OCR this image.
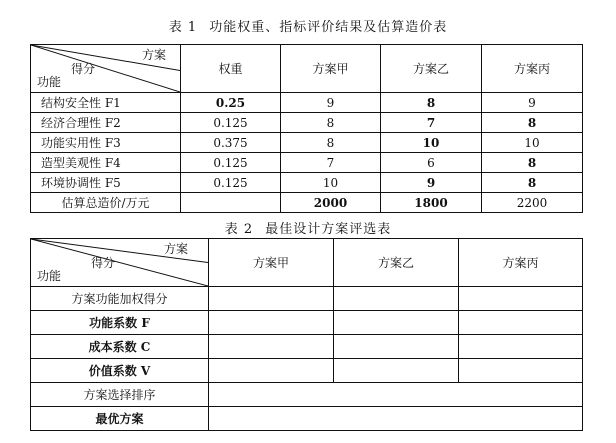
表 1 功能权重、指标评价结果及估算造价表
方案
得分
功能	权重	方案甲	方案乙	方案丙
结构安全性 F1	0.25	9	8	9
经济合理性 F2	0.125	8	7	8
功能实用性 F3	0.375	8	10	10
造型美观性 F4	0.125	7	6	8
环境协调性 F5	0.125	10	9	8
估算总造价/万元		2000	1800	2200
表 2 最佳设计方案评选表
方案
得分
功能	方案甲	方案乙	方案丙
方案功能加权得分			
功能系数 F			
成本系数 C			
价值系数 V			
方案选择排序			
最优方案			
